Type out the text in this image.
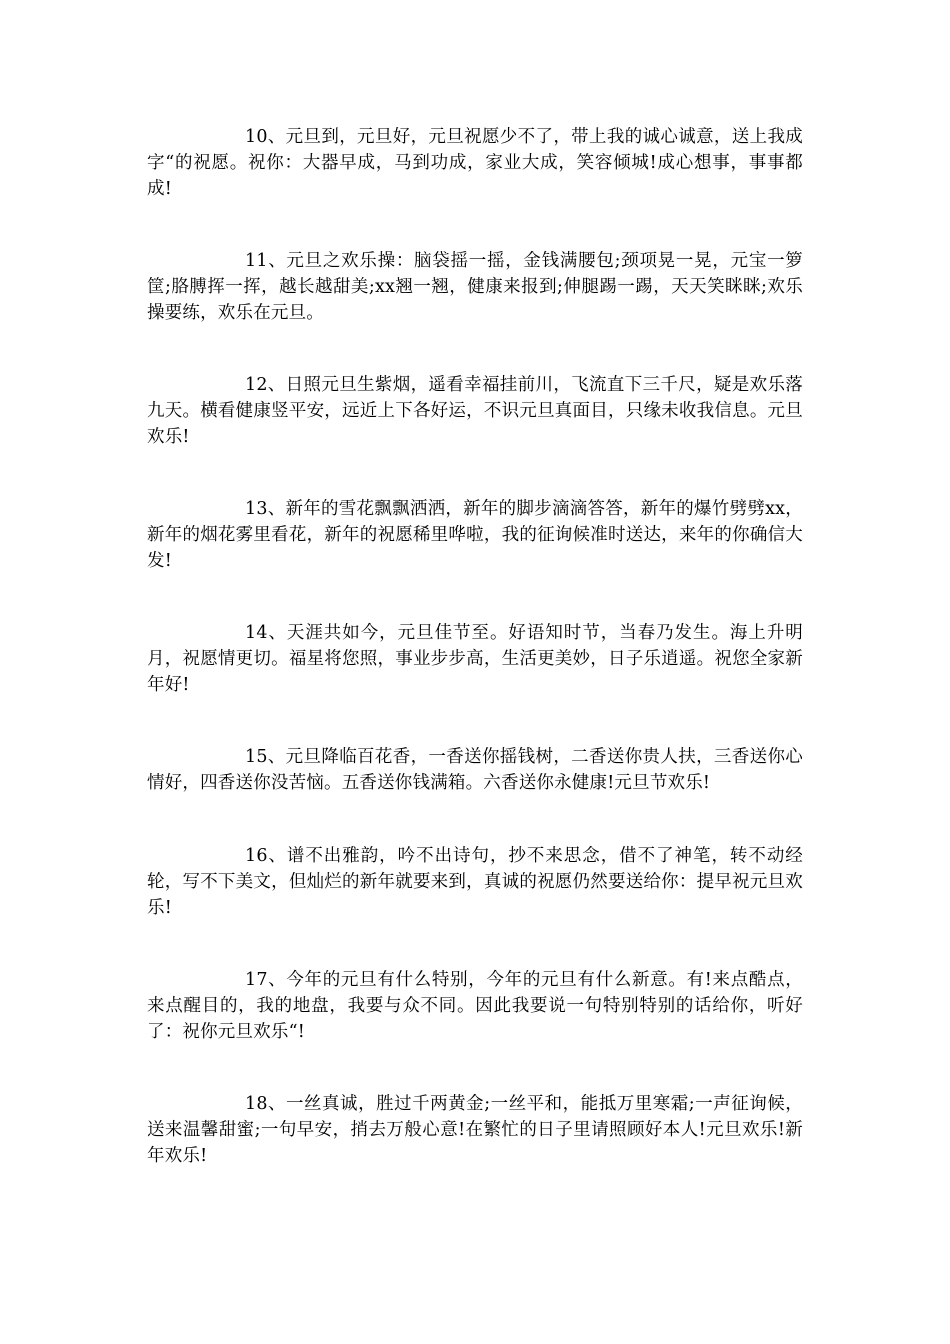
10、元旦到，元旦好，元旦祝愿少不了，带上我的诚心诚意，送上我成字“的祝愿。祝你：大器早成，马到功成，家业大成，笑容倾城!成心想事，事事都成!

11、元旦之欢乐操：脑袋摇一摇，金钱满腰包;颈项晃一晃，元宝一箩筐;胳膊挥一挥，越长越甜美;xx翘一翘，健康来报到;伸腿踢一踢，天天笑眯眯;欢乐操要练，欢乐在元旦。

12、日照元旦生紫烟，遥看幸福挂前川，飞流直下三千尺，疑是欢乐落九天。横看健康竖平安，远近上下各好运，不识元旦真面目，只缘未收我信息。元旦欢乐!

13、新年的雪花飘飘洒洒，新年的脚步滴滴答答，新年的爆竹劈劈xx，新年的烟花雾里看花，新年的祝愿稀里哗啦，我的征询候准时送达，来年的你确信大发!

14、天涯共如今，元旦佳节至。好语知时节，当春乃发生。海上升明月，祝愿情更切。福星将您照，事业步步高，生活更美妙，日子乐逍遥。祝您全家新年好!

15、元旦降临百花香，一香送你摇钱树，二香送你贵人扶，三香送你心情好，四香送你没苦恼。五香送你钱满箱。六香送你永健康!元旦节欢乐!

16、谱不出雅韵，吟不出诗句，抄不来思念，借不了神笔，转不动经轮，写不下美文，但灿烂的新年就要来到，真诚的祝愿仍然要送给你：提早祝元旦欢乐!

17、今年的元旦有什么特别，今年的元旦有什么新意。有!来点酷点，来点醒目的，我的地盘，我要与众不同。因此我要说一句特别特别的话给你，听好了：祝你元旦欢乐“!

18、一丝真诚，胜过千两黄金;一丝平和，能抵万里寒霜;一声征询候，送来温馨甜蜜;一句早安，捎去万般心意!在繁忙的日子里请照顾好本人!元旦欢乐!新年欢乐!
